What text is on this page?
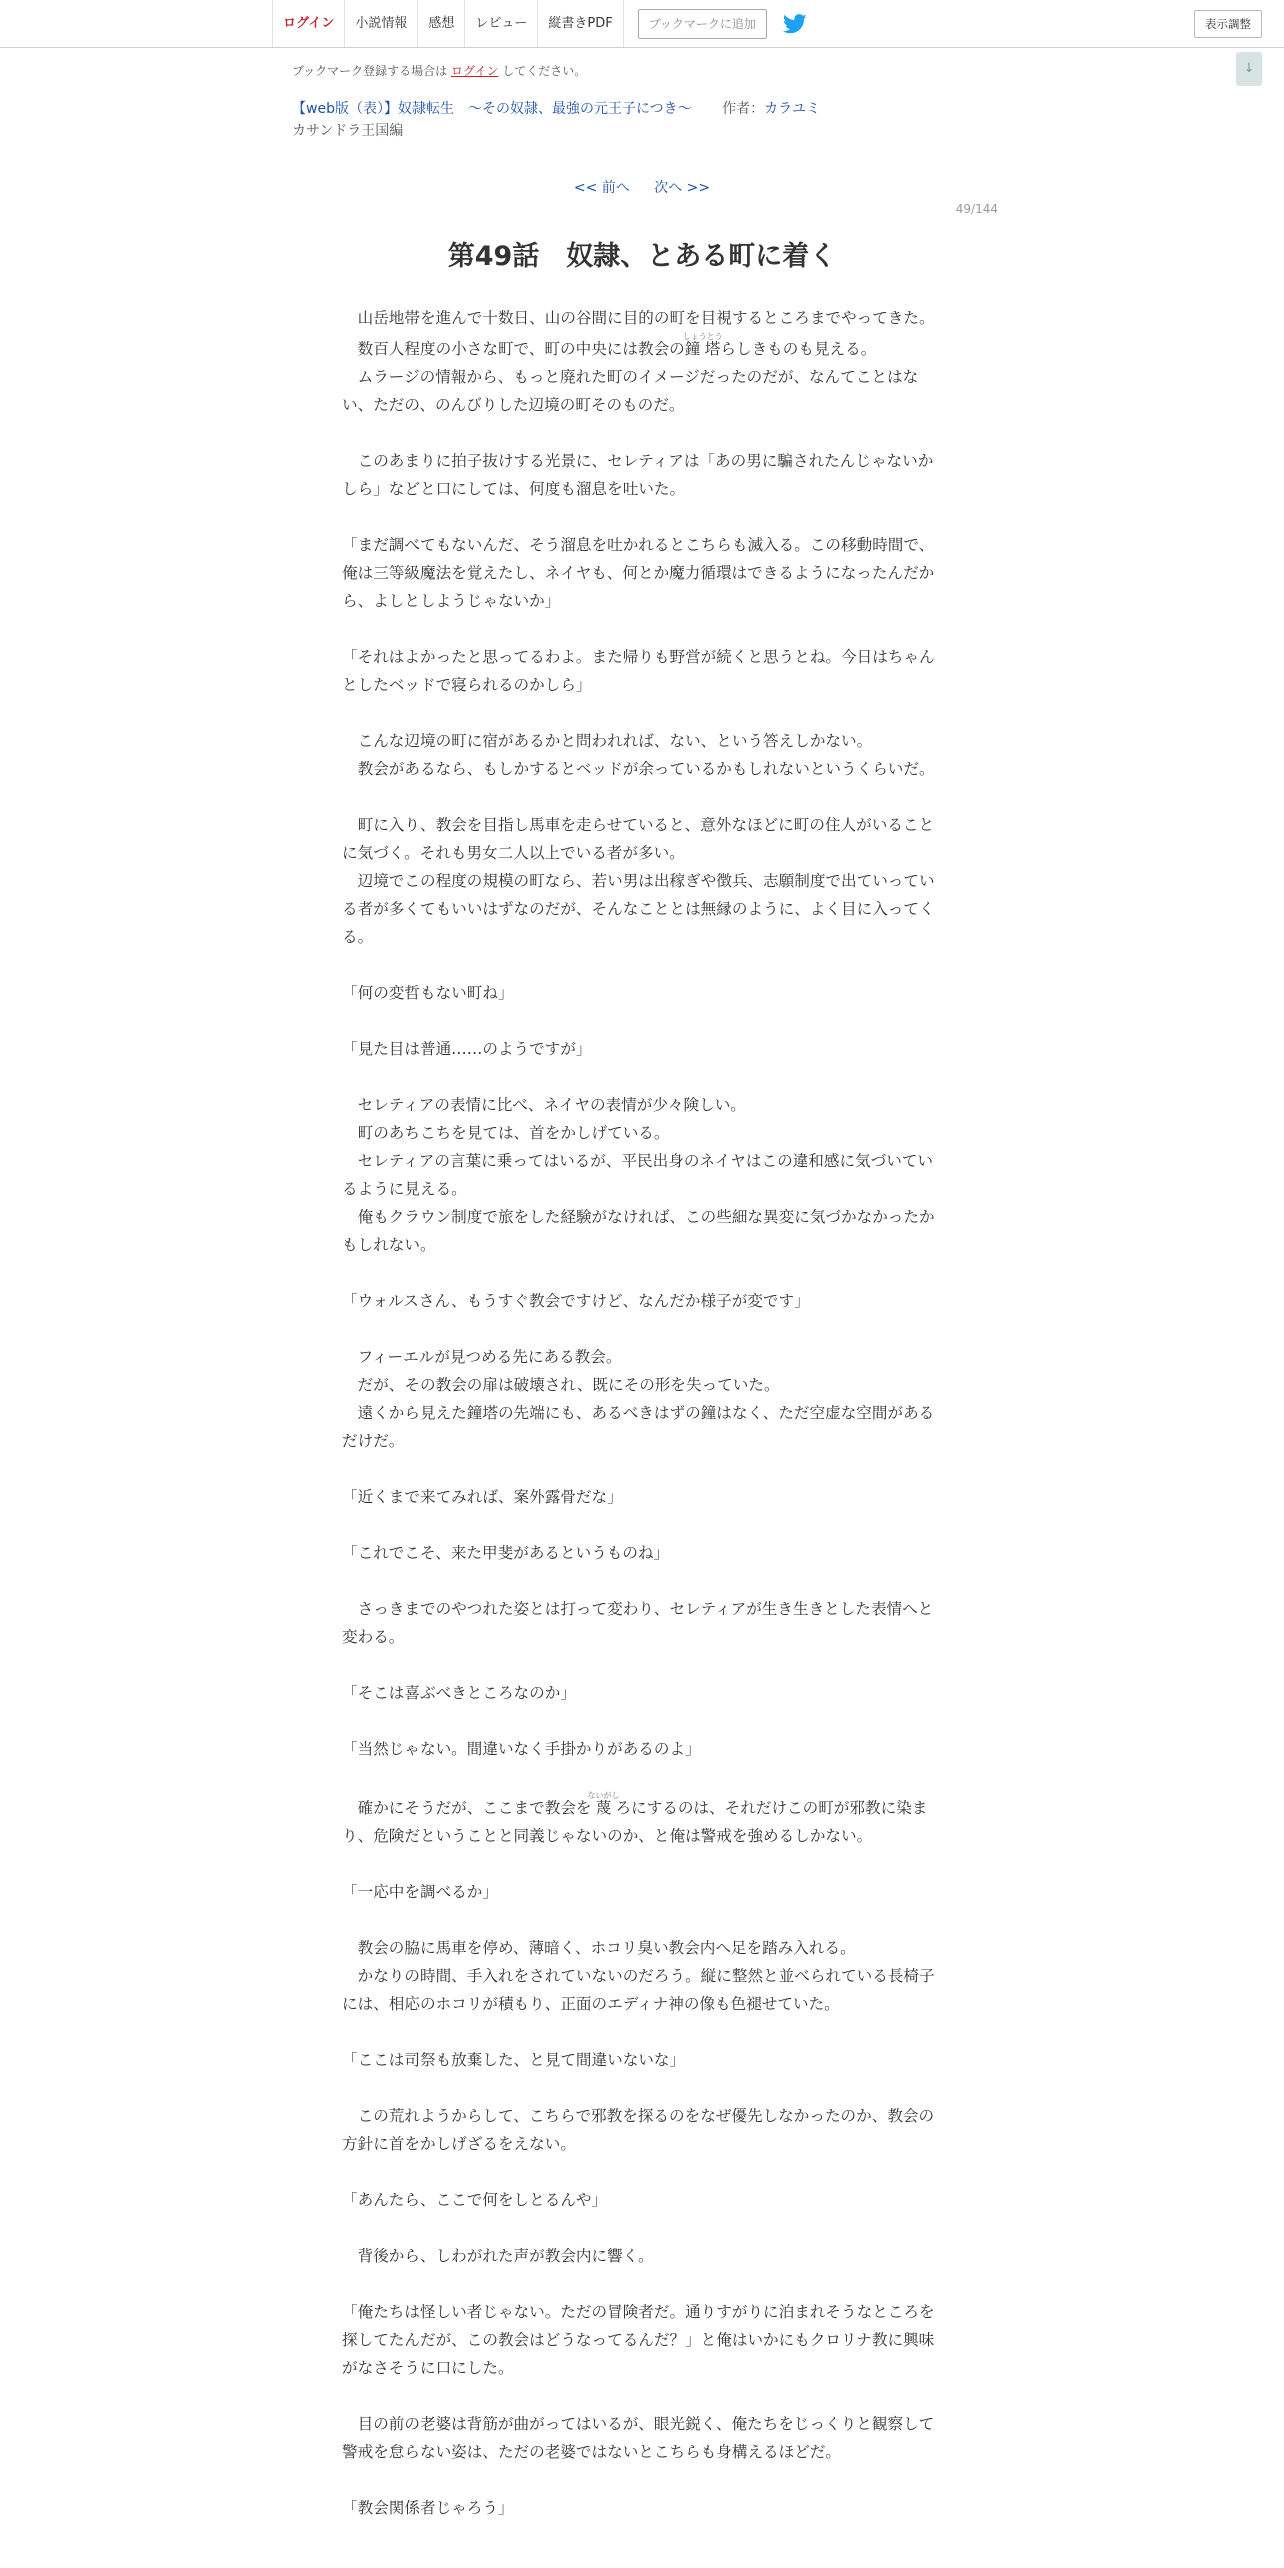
ログイン	小説情報	感想	レビュー	縦書きPDF	ブックマークに追加	表示調整
↓
ブックマーク登録する場合は ログイン してください。
【web版（表）】奴隷転生　～その奴隷、最強の元王子につき～ 作者：カラユミ
カサンドラ王国編
<< 前へ 次へ >>
49/144
第49話　奴隷、とある町に着く

　山岳地帯を進んで十数日、山の谷間に目的の町を目視するところまでやってきた。

　数百人程度の小さな町で、町の中央には教会の鐘塔しょうとうらしきものも見える。

　ムラージの情報から、もっと廃れた町のイメージだったのだが、なんてことはない、ただの、のんびりした辺境の町そのものだ。

　このあまりに拍子抜けする光景に、セレティアは「あの男に騙されたんじゃないかしら」などと口にしては、何度も溜息を吐いた。

「まだ調べてもないんだ、そう溜息を吐かれるとこちらも滅入る。この移動時間で、俺は三等級魔法を覚えたし、ネイヤも、何とか魔力循環はできるようになったんだから、よしとしようじゃないか」

「それはよかったと思ってるわよ。また帰りも野営が続くと思うとね。今日はちゃんとしたベッドで寝られるのかしら」

　こんな辺境の町に宿があるかと問われれば、ない、という答えしかない。

　教会があるなら、もしかするとベッドが余っているかもしれないというくらいだ。

　町に入り、教会を目指し馬車を走らせていると、意外なほどに町の住人がいることに気づく。それも男女二人以上でいる者が多い。

　辺境でこの程度の規模の町なら、若い男は出稼ぎや徴兵、志願制度で出ていっている者が多くてもいいはずなのだが、そんなこととは無縁のように、よく目に入ってくる。

「何の変哲もない町ね」

「見た目は普通……のようですが」

　セレティアの表情に比べ、ネイヤの表情が少々険しい。

　町のあちこちを見ては、首をかしげている。

　セレティアの言葉に乗ってはいるが、平民出身のネイヤはこの違和感に気づいているように見える。

　俺もクラウン制度で旅をした経験がなければ、この些細な異変に気づかなかったかもしれない。

「ウォルスさん、もうすぐ教会ですけど、なんだか様子が変です」

　フィーエルが見つめる先にある教会。

　だが、その教会の扉は破壊され、既にその形を失っていた。

　遠くから見えた鐘塔の先端にも、あるべきはずの鐘はなく、ただ空虚な空間があるだけだ。

「近くまで来てみれば、案外露骨だな」

「これでこそ、来た甲斐があるというものね」

　さっきまでのやつれた姿とは打って変わり、セレティアが生き生きとした表情へと変わる。

「そこは喜ぶべきところなのか」

「当然じゃない。間違いなく手掛かりがあるのよ」

　確かにそうだが、ここまで教会を蔑ないがしろにするのは、それだけこの町が邪教に染まり、危険だということと同義じゃないのか、と俺は警戒を強めるしかない。

「一応中を調べるか」

　教会の脇に馬車を停め、薄暗く、ホコリ臭い教会内へ足を踏み入れる。

　かなりの時間、手入れをされていないのだろう。縦に整然と並べられている長椅子には、相応のホコリが積もり、正面のエディナ神の像も色褪せていた。

「ここは司祭も放棄した、と見て間違いないな」

　この荒れようからして、こちらで邪教を探るのをなぜ優先しなかったのか、教会の方針に首をかしげざるをえない。

「あんたら、ここで何をしとるんや」

　背後から、しわがれた声が教会内に響く。

「俺たちは怪しい者じゃない。ただの冒険者だ。通りすがりに泊まれそうなところを探してたんだが、この教会はどうなってるんだ？」と俺はいかにもクロリナ教に興味がなさそうに口にした。

　目の前の老婆は背筋が曲がってはいるが、眼光鋭く、俺たちをじっくりと観察して警戒を怠らない姿は、ただの老婆ではないとこちらも身構えるほどだ。

「教会関係者じゃろう」
